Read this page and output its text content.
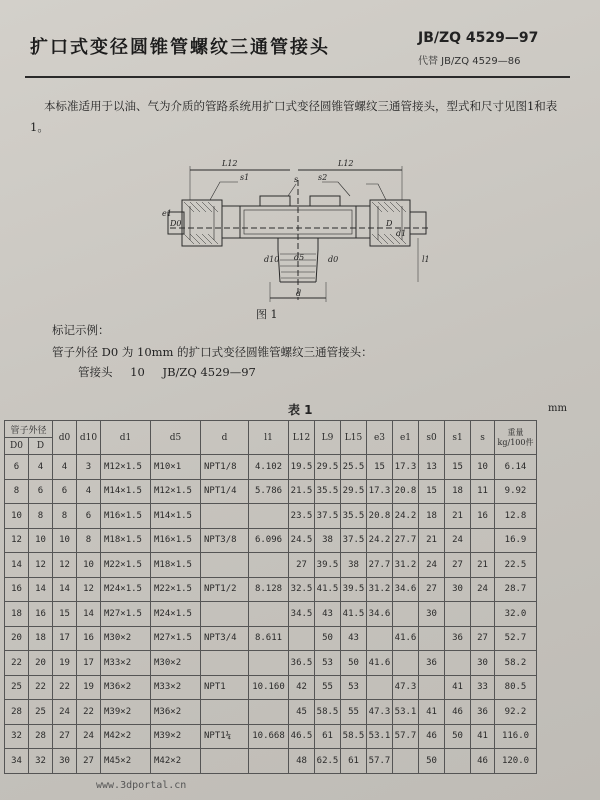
扩口式变径圆锥管螺纹三通管接头	JB/ZQ 4529—97
代替 JB/ZQ 4529—86
本标准适用于以油、气为介质的管路系统用扩口式变径圆锥管螺纹三通管接头，型式和尺寸见图1和表1。
L12	L12
s1	s s2
e1
D0	D
d1
l1
d5
d10	d0
d
图 1
标记示例：
管子外径 D0 为 10mm 的扩口式变径圆锥管螺纹三通管接头：
管接头 10 JB/ZQ 4529—97
表 1	mm
管子外径		d0	d10	d1	d5	d	l1	L12	L9	L15	e3	e1	s0	s1	s	重量 kg/100件
D0	D															
6	4	4	3	M12×1.5	M10×1	NPT1/8	4.102	19.5	29.5	25.5	15	17.3	13	15	10	6.14
8	6	6	4	M14×1.5	M12×1.5	NPT1/4	5.786	21.5	35.5	29.5	17.3	20.8	15	18	11	9.92
10	8	8	6	M16×1.5	M14×1.5			23.5	37.5	35.5	20.8	24.2	18	21	16	12.8
12	10	10	8	M18×1.5	M16×1.5	NPT3/8	6.096	24.5	38	37.5	24.2	27.7	21	24		16.9
14	12	12	10	M22×1.5	M18×1.5			27	39.5	38	27.7	31.2	24	27	21	22.5
16	14	14	12	M24×1.5	M22×1.5	NPT1/2	8.128	32.5	41.5	39.5	31.2	34.6	27	30	24	28.7
18	16	15	14	M27×1.5	M24×1.5			34.5	43	41.5	34.6		30			32.0
20	18	17	16	M30×2	M27×1.5	NPT3/4	8.611		50	43		41.6		36	27	52.7
22	20	19	17	M33×2	M30×2			36.5	53	50	41.6		36		30	58.2
25	22	22	19	M36×2	M33×2	NPT1	10.160	42	55	53		47.3		41	33	80.5
28	25	24	22	M39×2	M36×2			45	58.5	55	47.3	53.1	41	46	36	92.2
32	28	27	24	M42×2	M39×2	NPT1¼	10.668	46.5	61	58.5	53.1	57.7	46	50	41	116.0
34	32	30	27	M45×2	M42×2			48	62.5	61	57.7		50		46	120.0
www.3dportal.cn
